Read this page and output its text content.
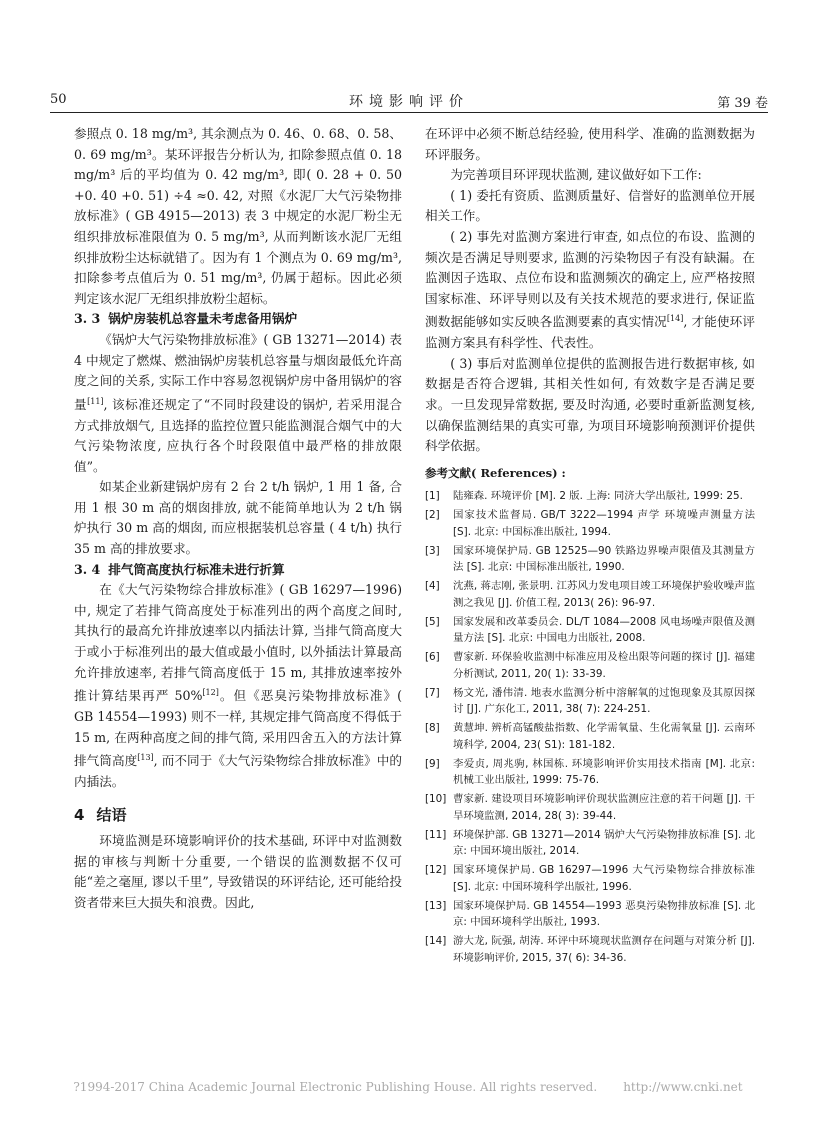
50	环境影响评价	第 39 卷

参照点 0. 18 mg/m³, 其余测点为 0. 46、0. 68、0. 58、0. 69 mg/m³。某环评报告分析认为, 扣除参照点值 0. 18 mg/m³ 后的平均值为 0. 42 mg/m³, 即( 0. 28 + 0. 50 +0. 40 +0. 51) ÷4 ≈0. 42, 对照《水泥厂大气污染物排放标准》( GB 4915—2013) 表 3 中规定的水泥厂粉尘无组织排放标准限值为 0. 5 mg/m³, 从而判断该水泥厂无组织排放粉尘达标就错了。因为有 1 个测点为 0. 69 mg/m³, 扣除参考点值后为 0. 51 mg/m³, 仍属于超标。因此必须判定该水泥厂无组织排放粉尘超标。

3. 3 锅炉房装机总容量未考虑备用锅炉

《锅炉大气污染物排放标准》( GB 13271—2014) 表 4 中规定了燃煤、燃油锅炉房装机总容量与烟囱最低允许高度之间的关系, 实际工作中容易忽视锅炉房中备用锅炉的容量[11], 该标准还规定了“不同时段建设的锅炉, 若采用混合方式排放烟气, 且选择的监控位置只能监测混合烟气中的大气污染物浓度, 应执行各个时段限值中最严格的排放限值”。

如某企业新建锅炉房有 2 台 2 t/h 锅炉, 1 用 1 备, 合用 1 根 30 m 高的烟囱排放, 就不能简单地认为 2 t/h 锅炉执行 30 m 高的烟囱, 而应根据装机总容量 ( 4 t/h) 执行 35 m 高的排放要求。

3. 4 排气筒高度执行标准未进行折算

在《大气污染物综合排放标准》( GB 16297—1996) 中, 规定了若排气筒高度处于标准列出的两个高度之间时, 其执行的最高允许排放速率以内插法计算, 当排气筒高度大于或小于标准列出的最大值或最小值时, 以外插法计算最高允许排放速率, 若排气筒高度低于 15 m, 其排放速率按外推计算结果再严 50%[12]。但《恶臭污染物排放标准》( GB 14554—1993) 则不一样, 其规定排气筒高度不得低于 15 m, 在两种高度之间的排气筒, 采用四舍五入的方法计算排气筒高度[13], 而不同于《大气污染物综合排放标准》中的内插法。

4 结语

环境监测是环境影响评价的技术基础, 环评中对监测数据的审核与判断十分重要, 一个错误的监测数据不仅可能“差之毫厘, 谬以千里”, 导致错误的环评结论, 还可能给投资者带来巨大损失和浪费。因此,

在环评中必须不断总结经验, 使用科学、准确的监测数据为环评服务。

为完善项目环评现状监测, 建议做好如下工作:

( 1) 委托有资质、监测质量好、信誉好的监测单位开展相关工作。

( 2) 事先对监测方案进行审查, 如点位的布设、监测的频次是否满足导则要求, 监测的污染物因子有没有缺漏。在监测因子选取、点位布设和监测频次的确定上, 应严格按照国家标准、环评导则以及有关技术规范的要求进行, 保证监测数据能够如实反映各监测要素的真实情况[14], 才能使环评监测方案具有科学性、代表性。

( 3) 事后对监测单位提供的监测报告进行数据审核, 如数据是否符合逻辑, 其相关性如何, 有效数字是否满足要求。一旦发现异常数据, 要及时沟通, 必要时重新监测复核, 以确保监测结果的真实可靠, 为项目环境影响预测评价提供科学依据。

参考文献( References) :
[1]	陆雍森. 环境评价 [M]. 2 版. 上海: 同济大学出版社, 1999: 25.
[2]	国家技术监督局. GB/T 3222—1994 声学 环境噪声测量方法 [S]. 北京: 中国标准出版社, 1994.
[3]	国家环境保护局. GB 12525—90 铁路边界噪声限值及其测量方法 [S]. 北京: 中国标准出版社, 1990.
[4]	沈燕, 蒋志刚, 张景明. 江苏风力发电项目竣工环境保护验收噪声监测之我见 [J]. 价值工程, 2013( 26): 96-97.
[5]	国家发展和改革委员会. DL/T 1084—2008 风电场噪声限值及测量方法 [S]. 北京: 中国电力出版社, 2008.
[6]	曹家新. 环保验收监测中标准应用及检出限等问题的探讨 [J]. 福建分析测试, 2011, 20( 1): 33-39.
[7]	杨文光, 潘伟清. 地表水监测分析中溶解氧的过饱现象及其原因探讨 [J]. 广东化工, 2011, 38( 7): 224-251.
[8]	黄慧坤. 辨析高锰酸盐指数、化学需氧量、生化需氧量 [J]. 云南环境科学, 2004, 23( S1): 181-182.
[9]	李爱贞, 周兆驹, 林国栋. 环境影响评价实用技术指南 [M]. 北京: 机械工业出版社, 1999: 75-76.
[10] 曹家新. 建设项目环境影响评价现状监测应注意的若干问题 [J]. 干旱环境监测, 2014, 28( 3): 39-44.
[11] 环境保护部. GB 13271—2014 锅炉大气污染物排放标准 [S]. 北京: 中国环境出版社, 2014.
[12] 国家环境保护局. GB 16297—1996 大气污染物综合排放标准 [S]. 北京: 中国环境科学出版社, 1996.
[13] 国家环境保护局. GB 14554—1993 恶臭污染物排放标准 [S]. 北京: 中国环境科学出版社, 1993.
[14] 游大龙, 阮强, 胡涛. 环评中环境现状监测存在问题与对策分析 [J]. 环境影响评价, 2015, 37( 6): 34-36.
?1994-2017 China Academic Journal Electronic Publishing House. All rights reserved. http://www.cnki.net
